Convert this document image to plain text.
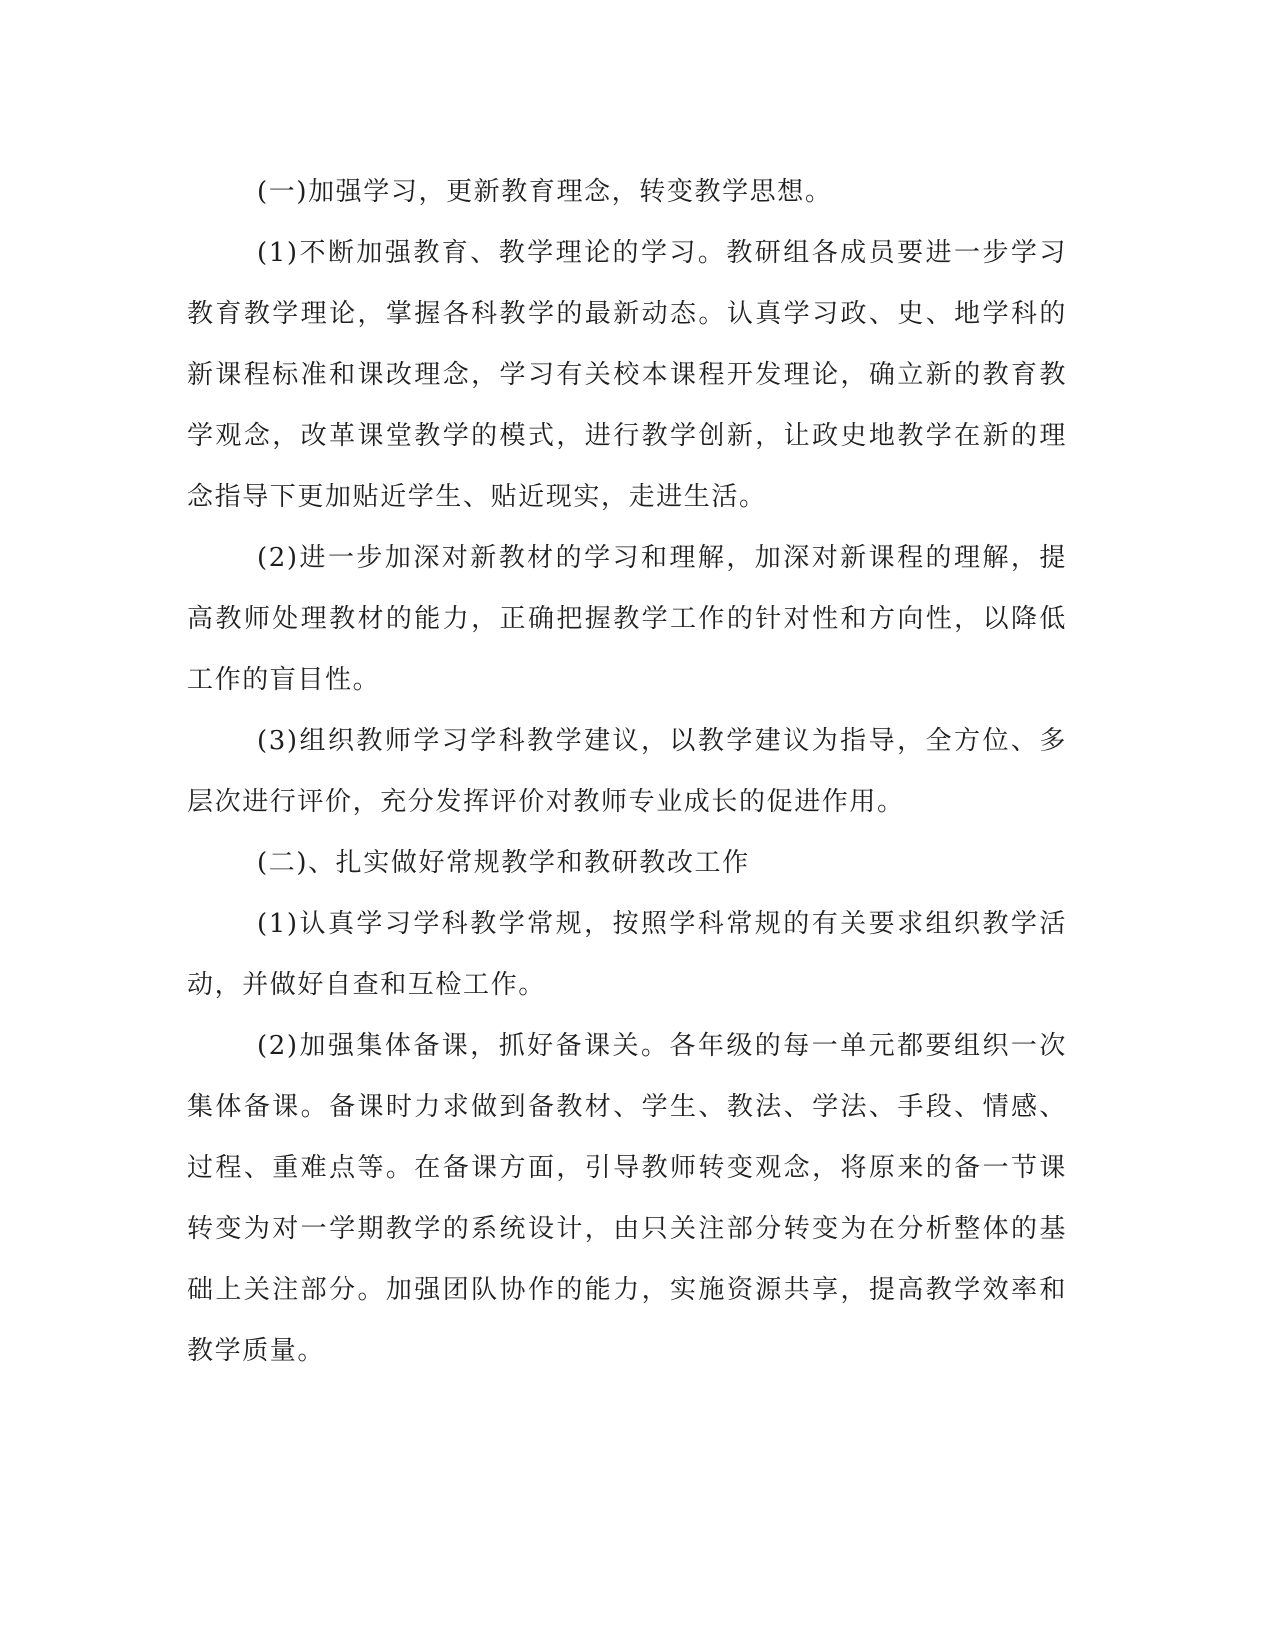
(一)加强学习，更新教育理念，转变教学思想。

(1)不断加强教育、教学理论的学习。教研组各成员要进一步学习教育教学理论，掌握各科教学的最新动态。认真学习政、史、地学科的新课程标准和课改理念，学习有关校本课程开发理论，确立新的教育教学观念，改革课堂教学的模式，进行教学创新，让政史地教学在新的理念指导下更加贴近学生、贴近现实，走进生活。

(2)进一步加深对新教材的学习和理解，加深对新课程的理解，提高教师处理教材的能力，正确把握教学工作的针对性和方向性，以降低工作的盲目性。

(3)组织教师学习学科教学建议，以教学建议为指导，全方位、多层次进行评价，充分发挥评价对教师专业成长的促进作用。

(二)、扎实做好常规教学和教研教改工作

(1)认真学习学科教学常规，按照学科常规的有关要求组织教学活动，并做好自查和互检工作。

(2)加强集体备课，抓好备课关。各年级的每一单元都要组织一次集体备课。备课时力求做到备教材、学生、教法、学法、手段、情感、过程、重难点等。在备课方面，引导教师转变观念，将原来的备一节课转变为对一学期教学的系统设计，由只关注部分转变为在分析整体的基础上关注部分。加强团队协作的能力，实施资源共享，提高教学效率和教学质量。
